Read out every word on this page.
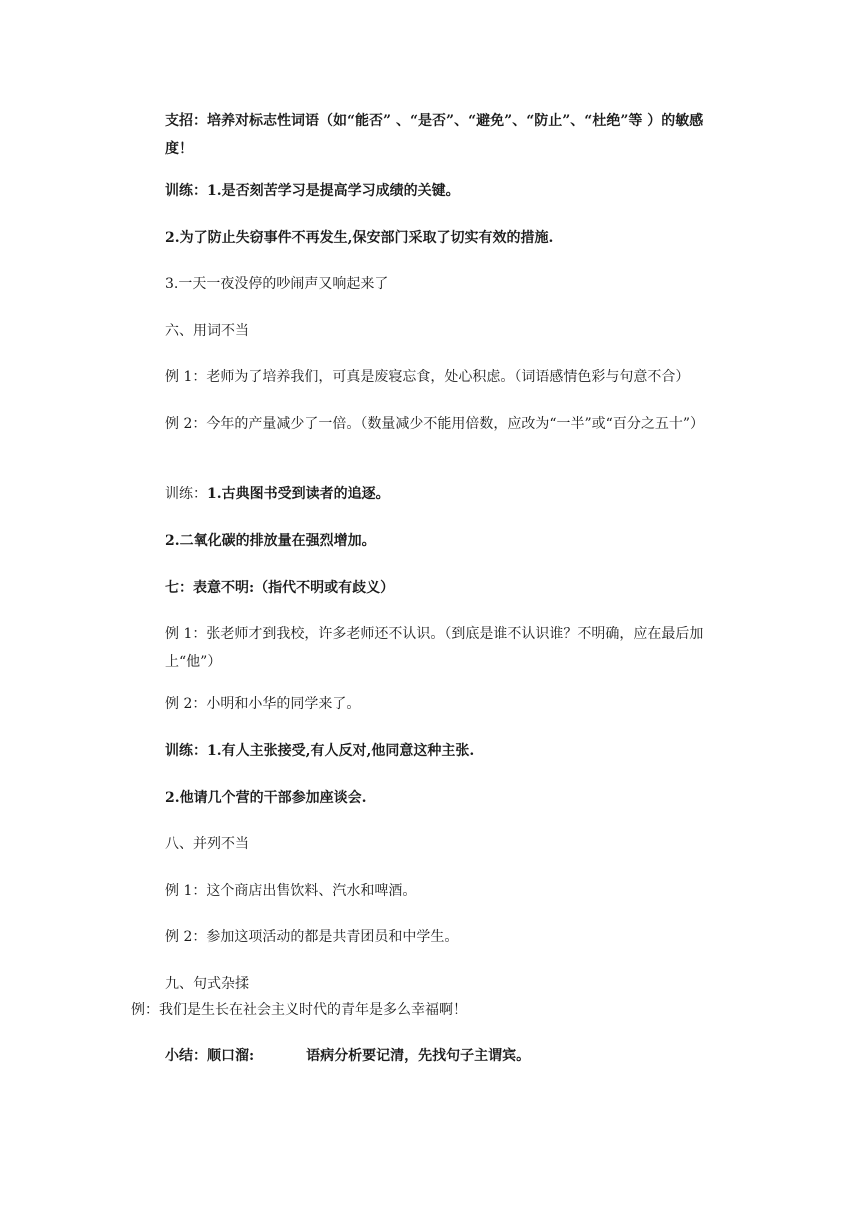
支招：培养对标志性词语（如“能否” 、“是否”、“避免”、“防止”、“杜绝”等 ）的敏感度！
训练：1.是否刻苦学习是提高学习成绩的关键。
2.为了防止失窃事件不再发生,保安部门采取了切实有效的措施.
3.一天一夜没停的吵闹声又响起来了
六、用词不当
例 1：老师为了培养我们，可真是废寝忘食，处心积虑。（词语感情色彩与句意不合）
例 2：今年的产量减少了一倍。（数量减少不能用倍数，应改为“一半”或“百分之五十”）
训练：1.古典图书受到读者的追逐。
2.二氧化碳的排放量在强烈增加。
七：表意不明:（指代不明或有歧义）
例 1：张老师才到我校，许多老师还不认识。（到底是谁不认识谁？不明确，应在最后加上“他”）
例 2：小明和小华的同学来了。
训练：1.有人主张接受,有人反对,他同意这种主张.
2.他请几个营的干部参加座谈会.
八、并列不当
例 1：这个商店出售饮料、汽水和啤酒。
例 2：参加这项活动的都是共青团员和中学生。
九、句式杂揉
例：我们是生长在社会主义时代的青年是多么幸福啊！
小结：顺口溜:	语病分析要记清，先找句子主谓宾。
